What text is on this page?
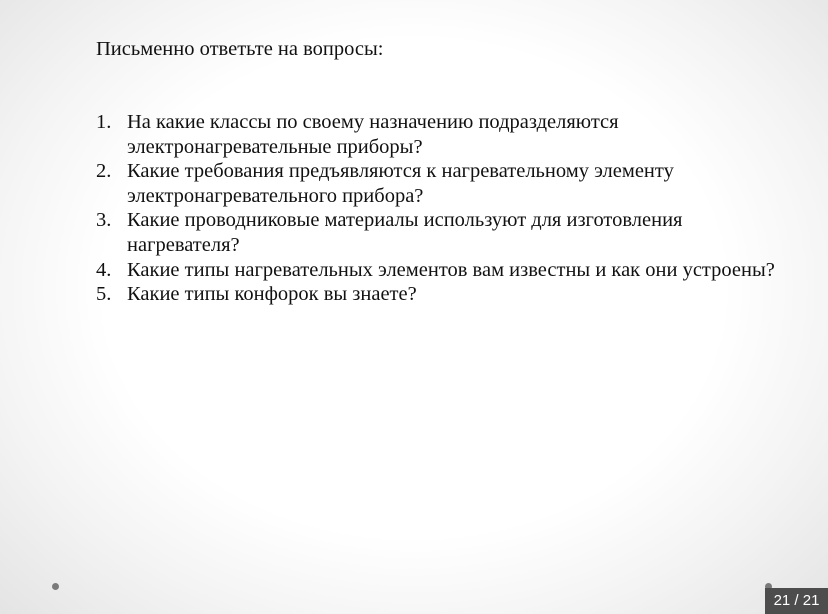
Письменно ответьте на вопросы:
1. На какие классы по своему назначению подразделяются электронагревательные приборы?
2. Какие требования предъявляются к нагревательному элементу электронагревательного прибора?
3. Какие проводниковые материалы используют для изготовления нагревателя?
4. Какие типы нагревательных элементов вам известны и как они устроены?
5. Какие типы конфорок вы знаете?
21 / 21
